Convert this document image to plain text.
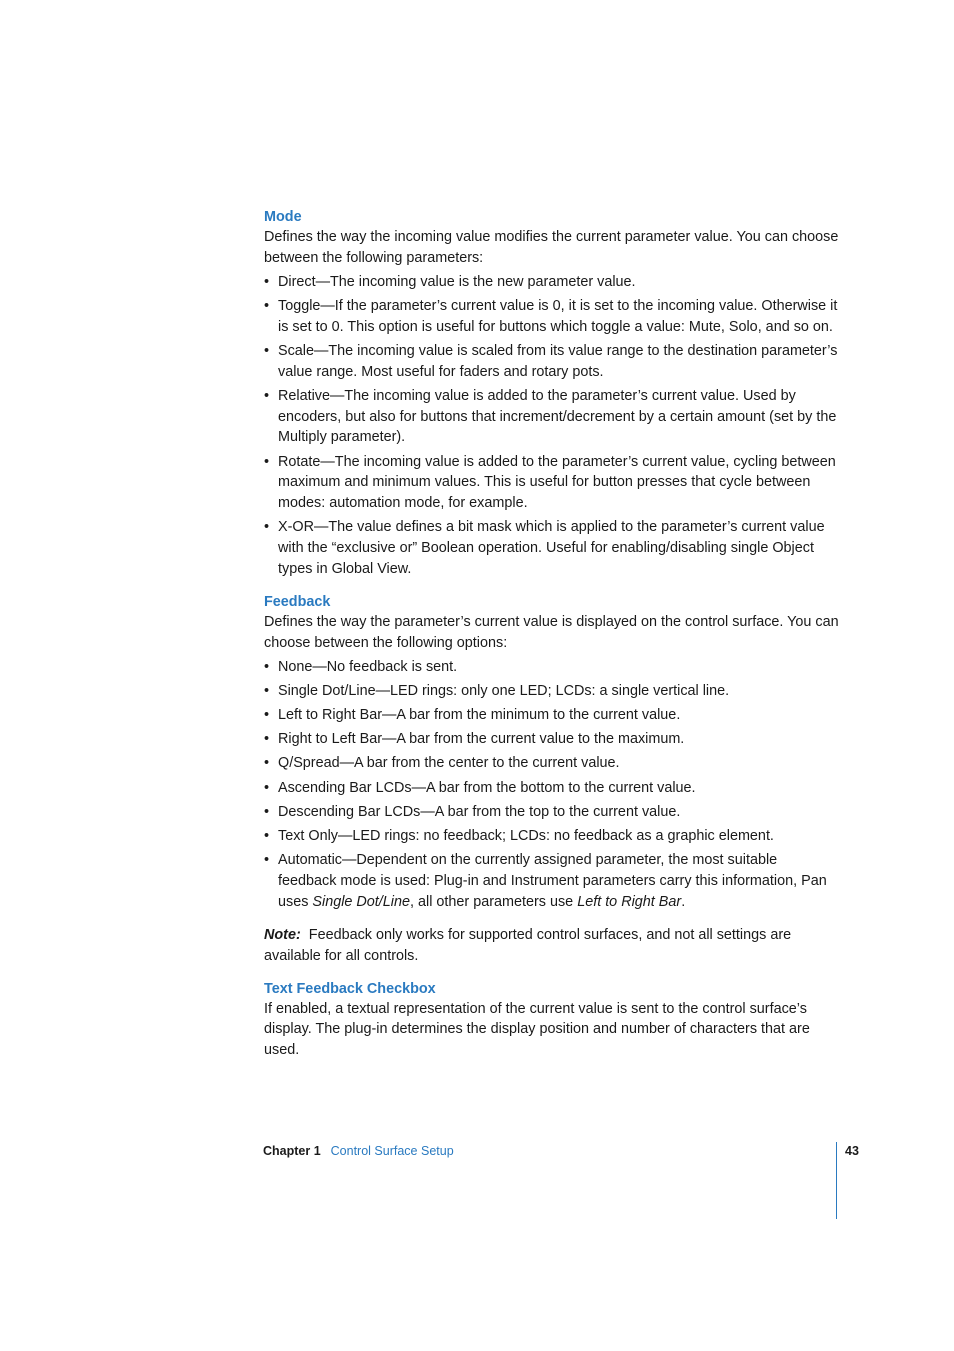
Mode

Defines the way the incoming value modifies the current parameter value. You can choose between the following parameters:

• Direct—The incoming value is the new parameter value.
• Toggle—If the parameter’s current value is 0, it is set to the incoming value. Otherwise it is set to 0. This option is useful for buttons which toggle a value: Mute, Solo, and so on.
• Scale—The incoming value is scaled from its value range to the destination parameter’s value range. Most useful for faders and rotary pots.
• Relative—The incoming value is added to the parameter’s current value. Used by encoders, but also for buttons that increment/decrement by a certain amount (set by the Multiply parameter).
• Rotate—The incoming value is added to the parameter’s current value, cycling between maximum and minimum values. This is useful for button presses that cycle between modes: automation mode, for example.
• X-OR—The value defines a bit mask which is applied to the parameter’s current value with the “exclusive or” Boolean operation. Useful for enabling/disabling single Object types in Global View.
Feedback

Defines the way the parameter’s current value is displayed on the control surface. You can choose between the following options:

• None—No feedback is sent.
• Single Dot/Line—LED rings: only one LED; LCDs: a single vertical line.
• Left to Right Bar—A bar from the minimum to the current value.
• Right to Left Bar—A bar from the current value to the maximum.
• Q/Spread—A bar from the center to the current value.
• Ascending Bar LCDs—A bar from the bottom to the current value.
• Descending Bar LCDs—A bar from the top to the current value.
• Text Only—LED rings: no feedback; LCDs: no feedback as a graphic element.
• Automatic—Dependent on the currently assigned parameter, the most suitable feedback mode is used: Plug-in and Instrument parameters carry this information, Pan uses Single Dot/Line, all other parameters use Left to Right Bar.

Note:  Feedback only works for supported control surfaces, and not all settings are available for all controls.

Text Feedback Checkbox

If enabled, a textual representation of the current value is sent to the control surface’s display. The plug-in determines the display position and number of characters that are used.

Chapter 1 Control Surface Setup	43
